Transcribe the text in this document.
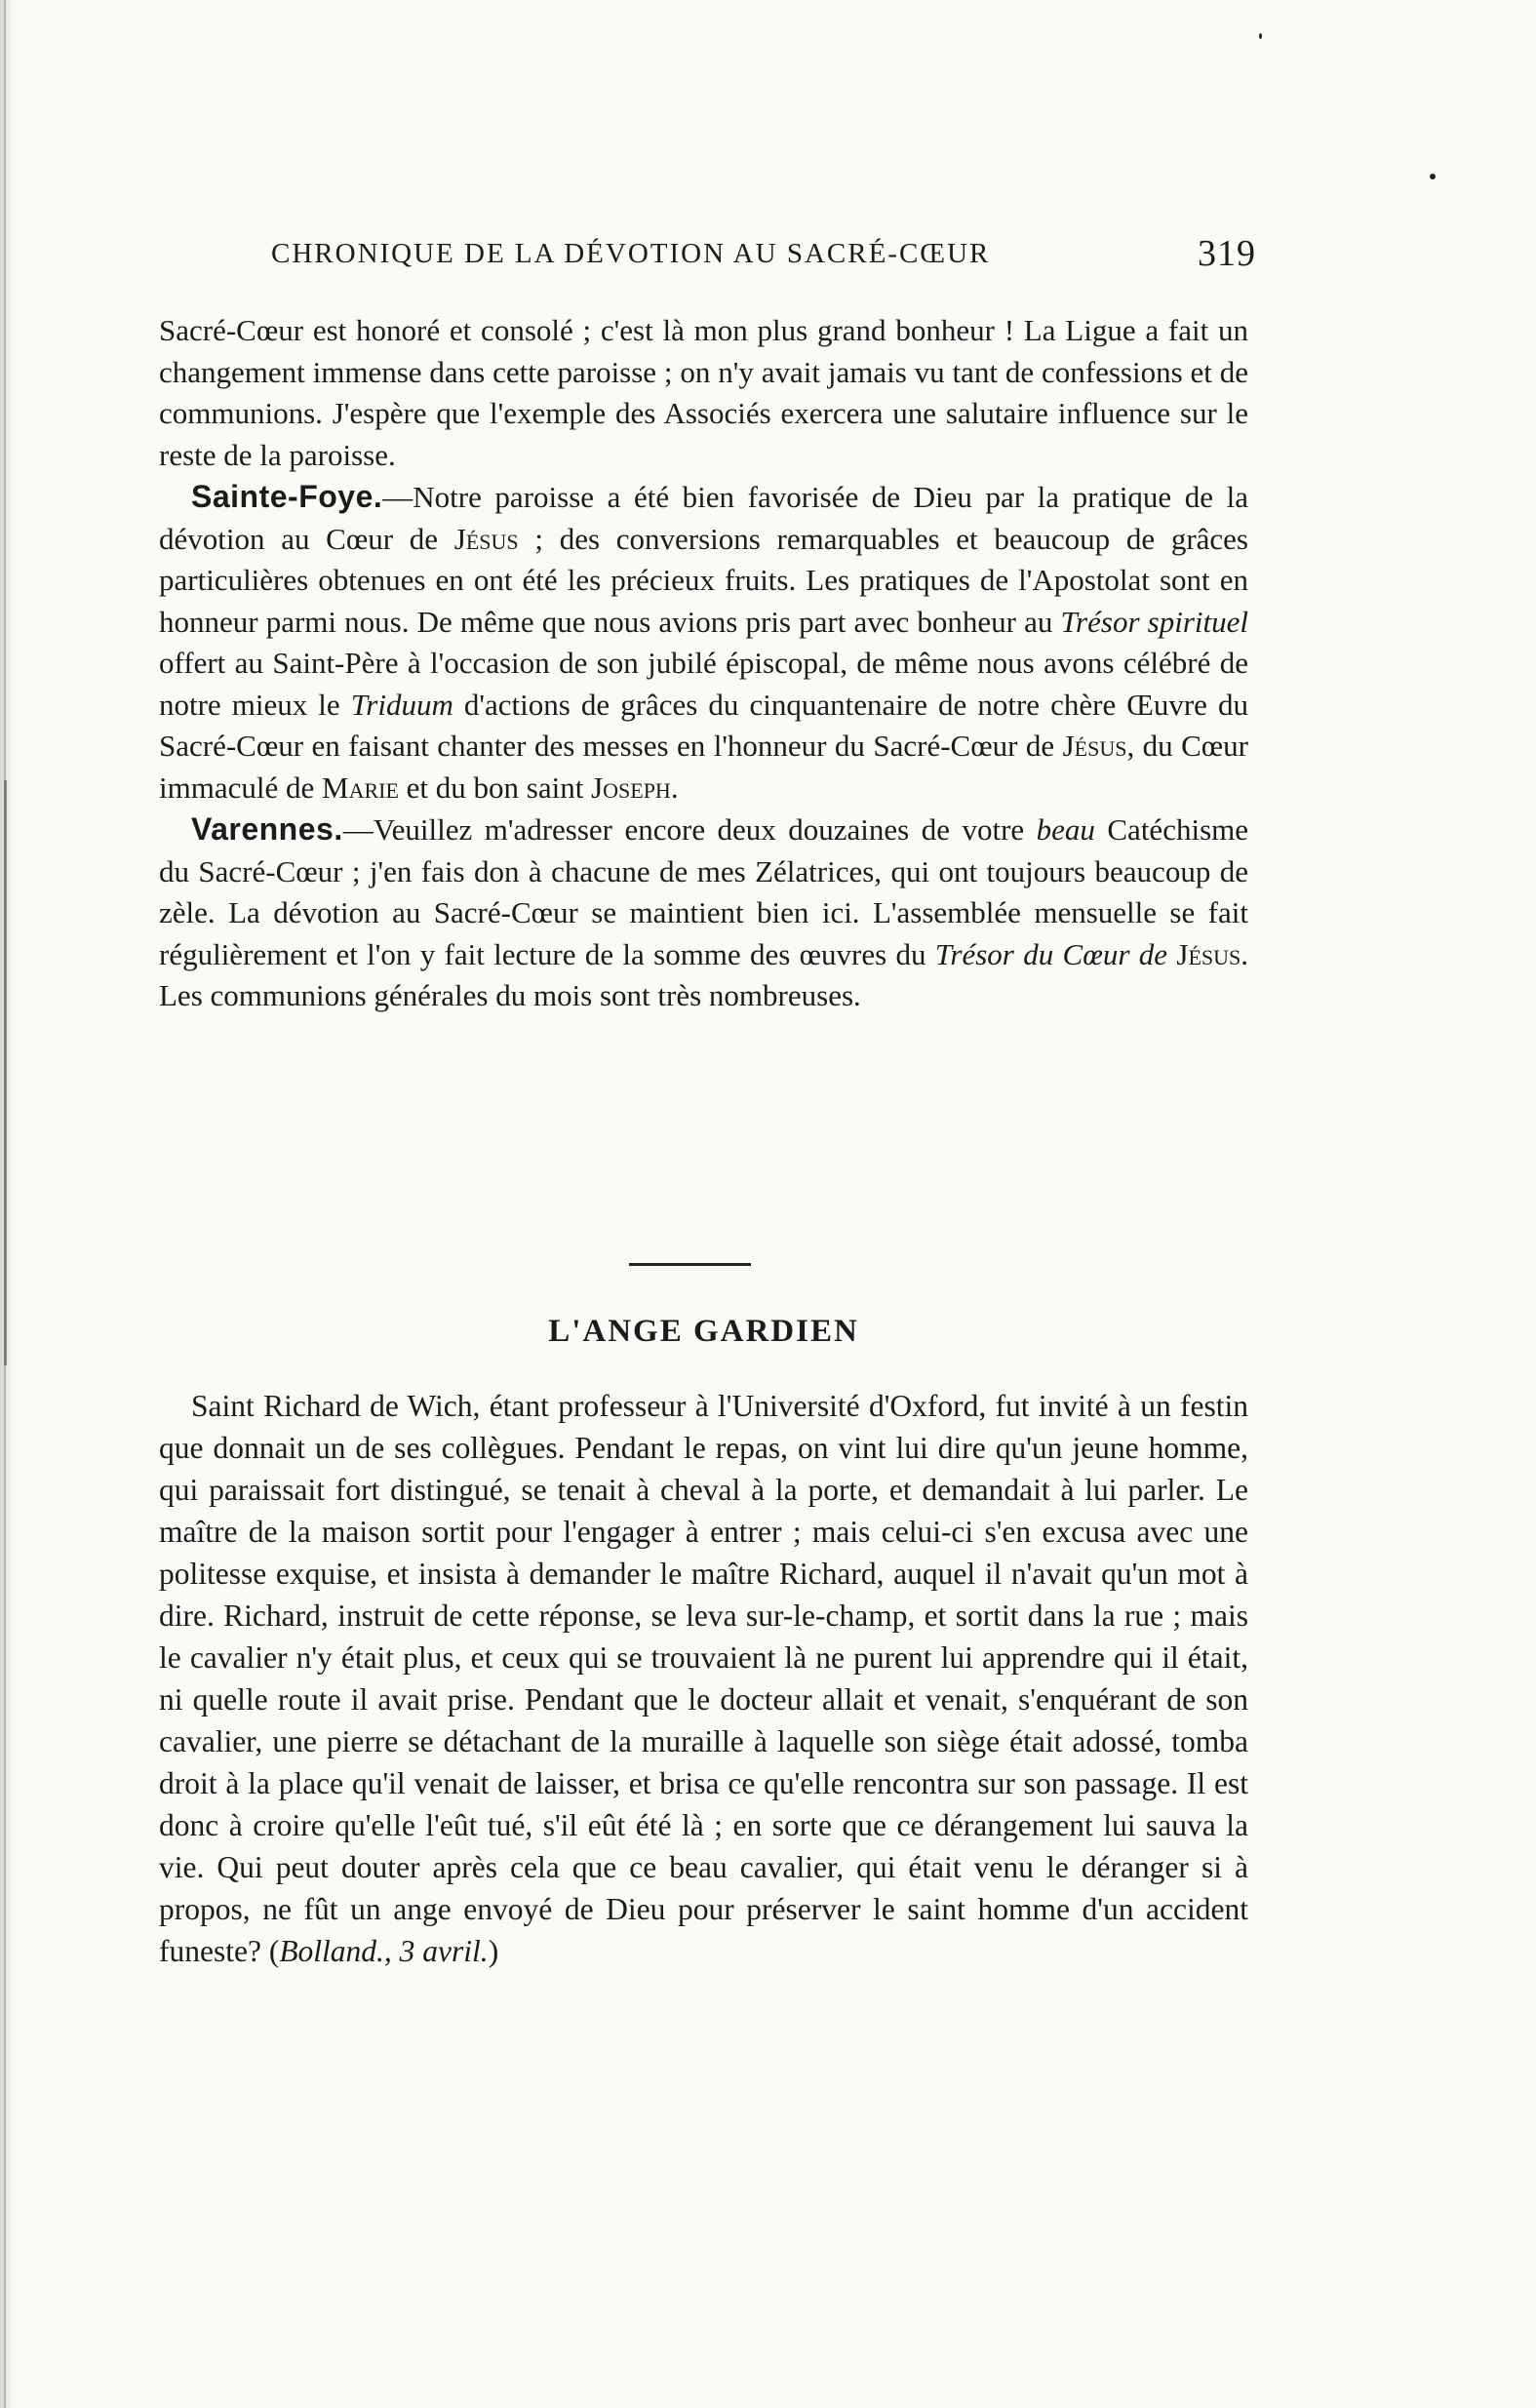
CHRONIQUE DE LA DÉVOTION AU SACRÉ-CŒUR	319

Sacré-Cœur est honoré et consolé ; c'est là mon plus grand bonheur ! La Ligue a fait un changement immense dans cette paroisse ; on n'y avait jamais vu tant de confessions et de communions. J'espère que l'exemple des Associés exercera une salutaire influence sur le reste de la paroisse.

Sainte-Foye.—Notre paroisse a été bien favorisée de Dieu par la pratique de la dévotion au Cœur de Jésus ; des conversions remarquables et beaucoup de grâces particulières obtenues en ont été les précieux fruits. Les pratiques de l'Apostolat sont en honneur parmi nous. De même que nous avions pris part avec bonheur au Trésor spirituel offert au Saint-Père à l'occasion de son jubilé épiscopal, de même nous avons célébré de notre mieux le Triduum d'actions de grâces du cinquantenaire de notre chère Œuvre du Sacré-Cœur en faisant chanter des messes en l'honneur du Sacré-Cœur de Jésus, du Cœur immaculé de Marie et du bon saint Joseph.

Varennes.—Veuillez m'adresser encore deux douzaines de votre beau Catéchisme du Sacré-Cœur ; j'en fais don à chacune de mes Zélatrices, qui ont toujours beaucoup de zèle. La dévotion au Sacré-Cœur se maintient bien ici. L'assemblée mensuelle se fait régulièrement et l'on y fait lecture de la somme des œuvres du Trésor du Cœur de Jésus. Les communions générales du mois sont très nombreuses.

L'ANGE GARDIEN

Saint Richard de Wich, étant professeur à l'Université d'Oxford, fut invité à un festin que donnait un de ses collègues. Pendant le repas, on vint lui dire qu'un jeune homme, qui paraissait fort distingué, se tenait à cheval à la porte, et demandait à lui parler. Le maître de la maison sortit pour l'engager à entrer ; mais celui-ci s'en excusa avec une politesse exquise, et insista à demander le maître Richard, auquel il n'avait qu'un mot à dire. Richard, instruit de cette réponse, se leva sur-le-champ, et sortit dans la rue ; mais le cavalier n'y était plus, et ceux qui se trouvaient là ne purent lui apprendre qui il était, ni quelle route il avait prise. Pendant que le docteur allait et venait, s'enquérant de son cavalier, une pierre se détachant de la muraille à laquelle son siège était adossé, tomba droit à la place qu'il venait de laisser, et brisa ce qu'elle rencontra sur son passage. Il est donc à croire qu'elle l'eût tué, s'il eût été là ; en sorte que ce dérangement lui sauva la vie. Qui peut douter après cela que ce beau cavalier, qui était venu le déranger si à propos, ne fût un ange envoyé de Dieu pour préserver le saint homme d'un accident funeste? (Bolland., 3 avril.)
